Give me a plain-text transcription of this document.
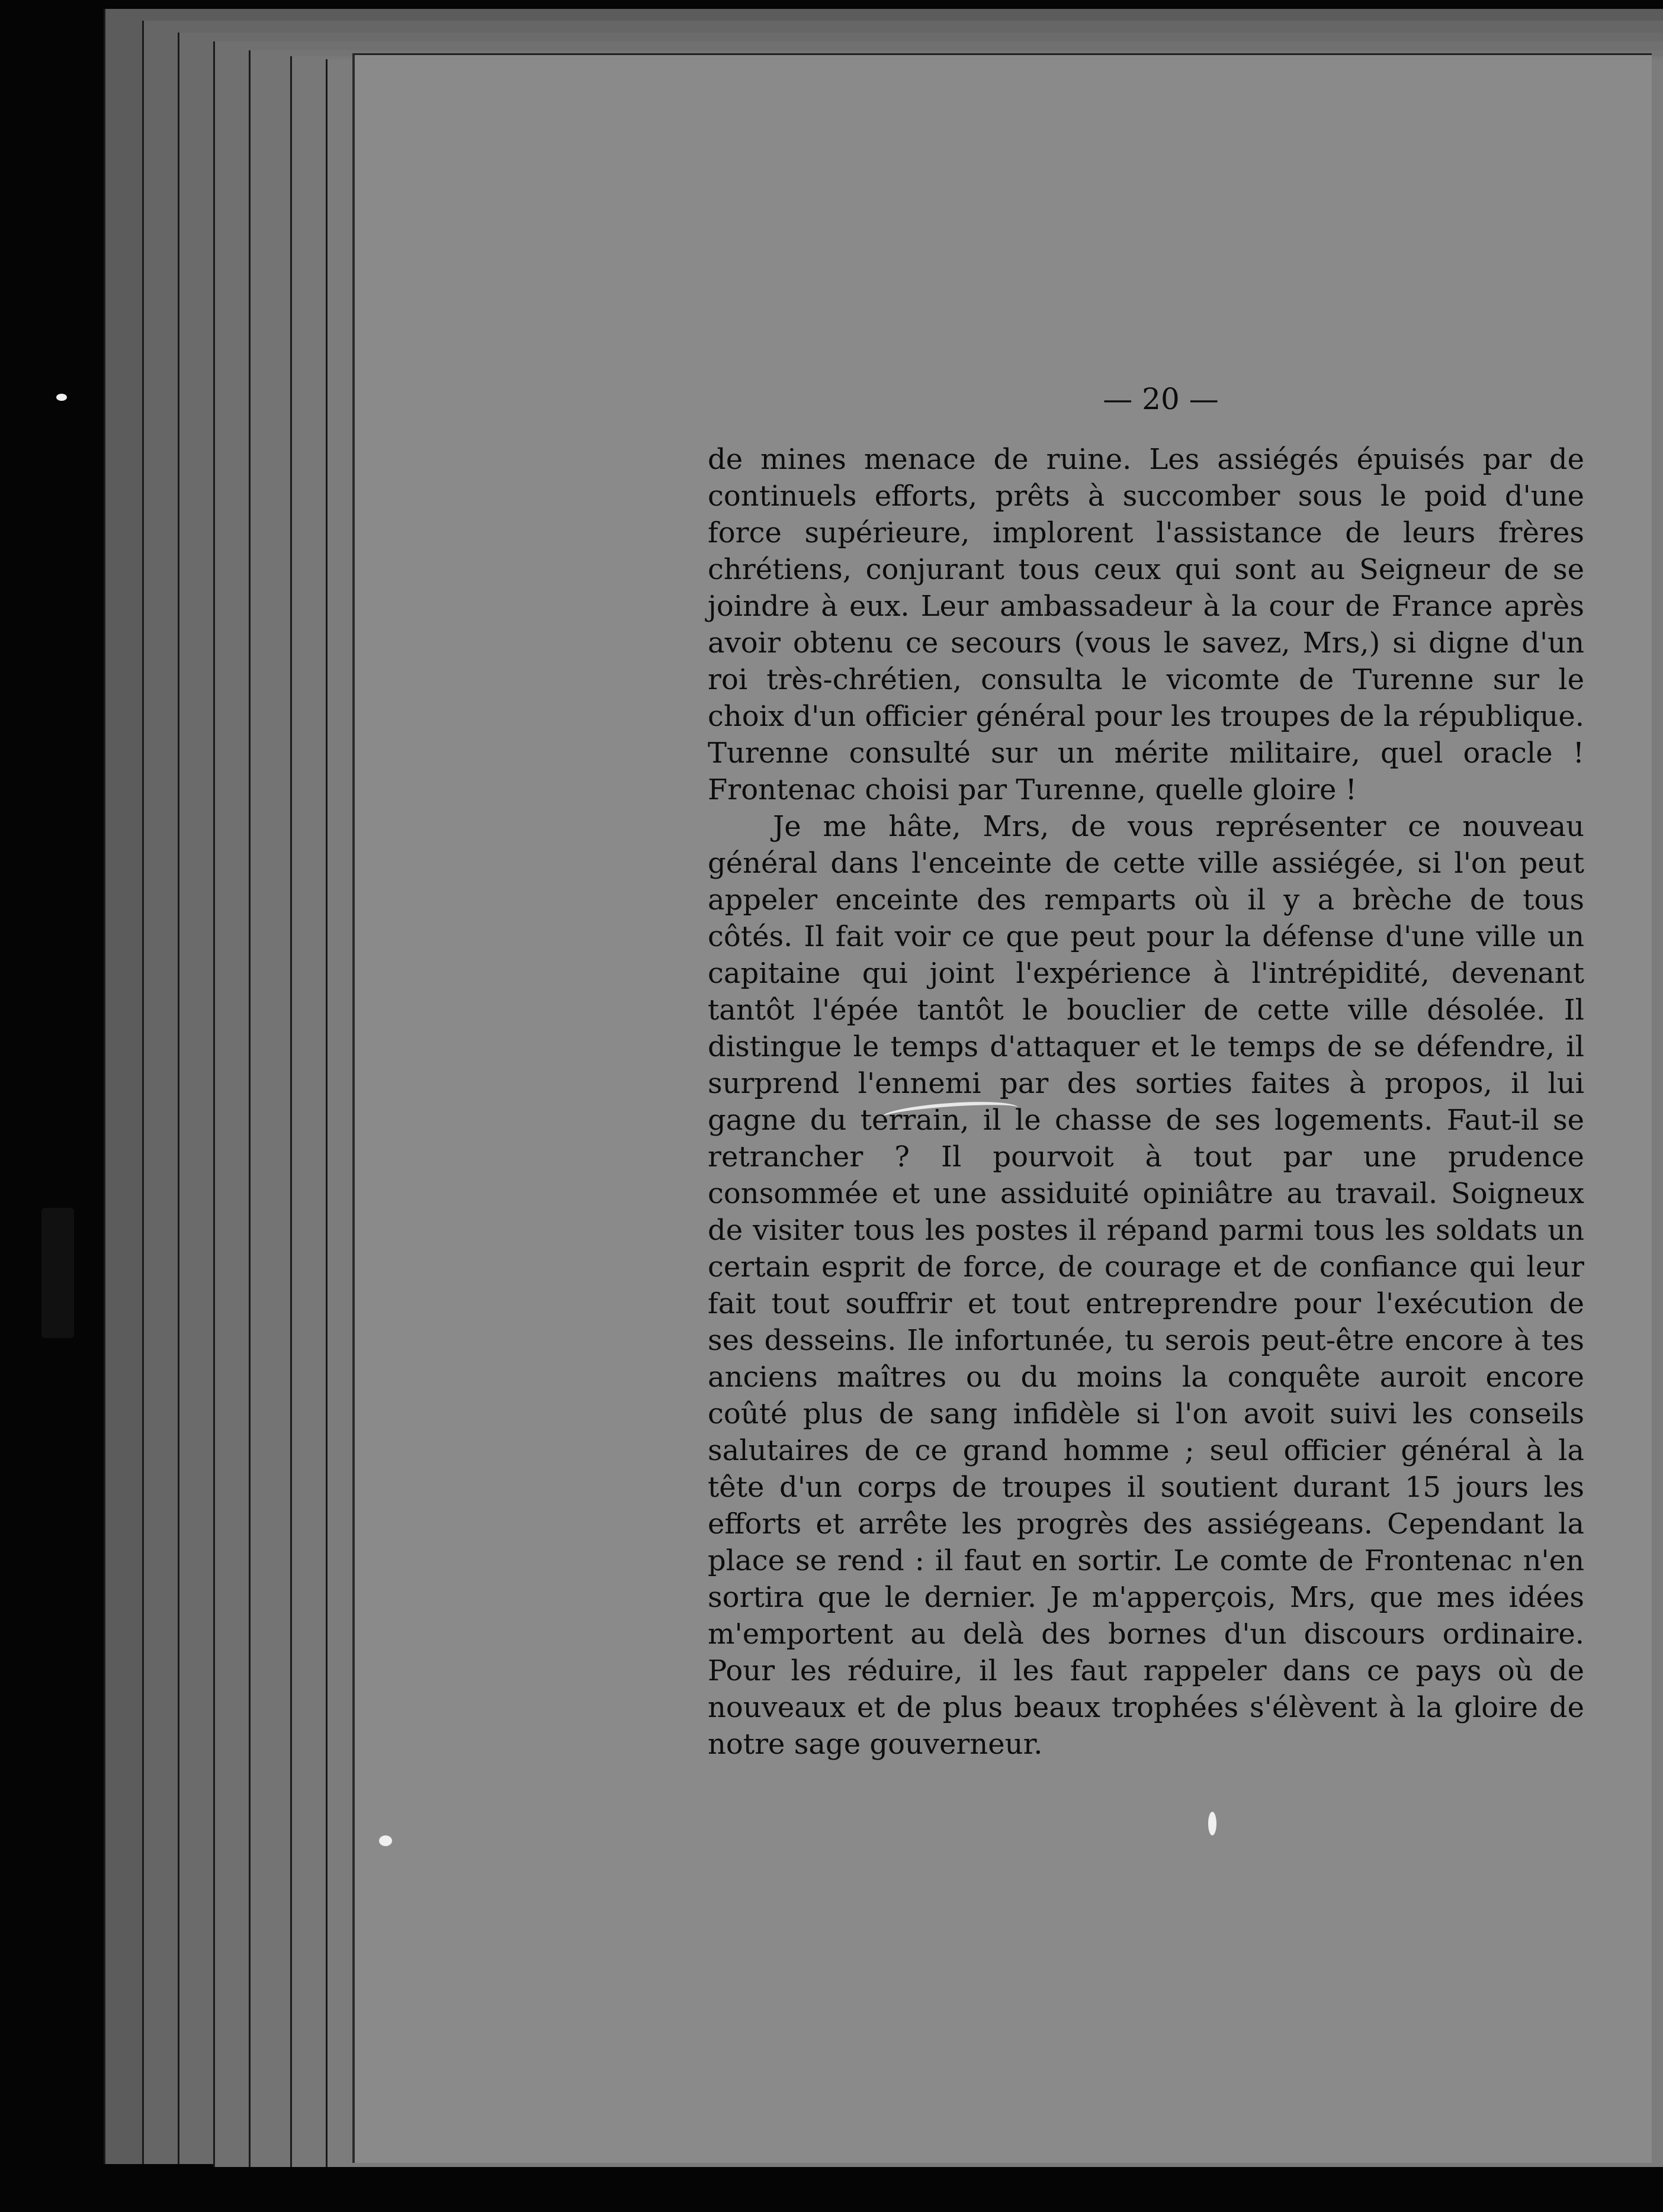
— 20 —

de mines menace de ruine. Les assiégés épuisés par de continuels efforts, prêts à succomber sous le poid d'une force supérieure, implorent l'assistance de leurs frères chrétiens, conjurant tous ceux qui sont au Seigneur de se joindre à eux. Leur ambassadeur à la cour de France après avoir obtenu ce secours (vous le savez, Mrs,) si digne d'un roi très-chrétien, consulta le vicomte de Turenne sur le choix d'un officier général pour les troupes de la république. Turenne consulté sur un mérite militaire, quel oracle ! Frontenac choisi par Turenne, quelle gloire !

Je me hâte, Mrs, de vous représenter ce nouveau général dans l'enceinte de cette ville assiégée, si l'on peut appeler enceinte des remparts où il y a brèche de tous côtés. Il fait voir ce que peut pour la défense d'une ville un capitaine qui joint l'expérience à l'intrépidité, devenant tantôt l'épée tantôt le bouclier de cette ville désolée. Il distingue le temps d'attaquer et le temps de se défendre, il surprend l'ennemi par des sorties faites à propos, il lui gagne du terrain, il le chasse de ses logements. Faut-il se retrancher ? Il pourvoit à tout par une prudence consommée et une assiduité opiniâtre au travail. Soigneux de visiter tous les postes il répand parmi tous les soldats un certain esprit de force, de courage et de confiance qui leur fait tout souffrir et tout entreprendre pour l'exécution de ses desseins. Ile infortunée, tu serois peut-être encore à tes anciens maîtres ou du moins la conquête auroit encore coûté plus de sang infidèle si l'on avoit suivi les conseils salutaires de ce grand homme ; seul officier général à la tête d'un corps de troupes il soutient durant 15 jours les efforts et arrête les progrès des assiégeans. Cependant la place se rend : il faut en sortir. Le comte de Frontenac n'en sortira que le dernier. Je m'apperçois, Mrs, que mes idées m'emportent au delà des bornes d'un discours ordinaire. Pour les réduire, il les faut rappeler dans ce pays où de nouveaux et de plus beaux trophées s'élèvent à la gloire de notre sage gouverneur.
